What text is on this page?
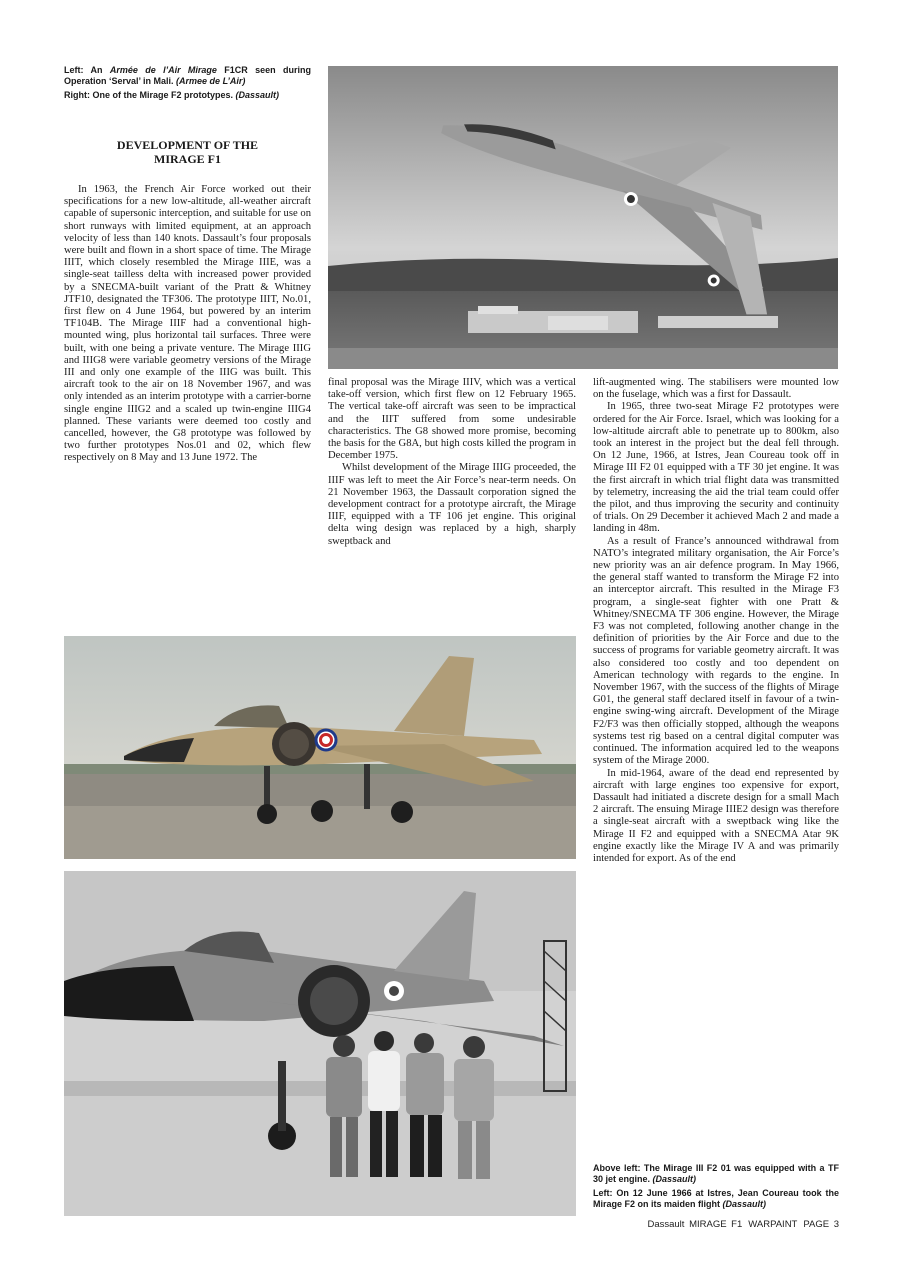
Left: An Armée de l’Air Mirage F1CR seen during Operation ‘Serval’ in Mali. (Armee de L’Air)

Right: One of the Mirage F2 prototypes. (Dassault)

DEVELOPMENT OF THE
MIRAGE F1

In 1963, the French Air Force worked out their specifications for a new low-altitude, all-weather aircraft capable of supersonic interception, and suitable for use on short runways with limited equipment, at an approach velocity of less than 140 knots. Dassault’s four proposals were built and flown in a short space of time. The Mirage IIIT, which closely resembled the Mirage IIIE, was a single-seat tailless delta with increased power provided by a SNECMA-built variant of the Pratt & Whitney JTF10, designated the TF306. The prototype IIIT, No.01, first flew on 4 June 1964, but powered by an interim TF104B. The Mirage IIIF had a conventional high-mounted wing, plus horizontal tail surfaces. Three were built, with one being a private venture. The Mirage IIIG and IIIG8 were variable geometry versions of the Mirage III and only one example of the IIIG was built. This aircraft took to the air on 18 November 1967, and was only intended as an interim prototype with a carrier-borne single engine IIIG2 and a scaled up twin-engine IIIG4 planned. These variants were deemed too costly and cancelled, however, the G8 prototype was followed by two further prototypes Nos.01 and 02, which flew respectively on 8 May and 13 June 1972. The

final proposal was the Mirage IIIV, which was a vertical take-off version, which first flew on 12 February 1965. The vertical take-off aircraft was seen to be impractical and the IIIT suffered from some undesirable characteristics. The G8 showed more promise, becoming the basis for the G8A, but high costs killed the program in December 1975.

Whilst development of the Mirage IIIG proceeded, the IIIF was left to meet the Air Force’s near-term needs. On 21 November 1963, the Dassault corporation signed the development contract for a prototype aircraft, the Mirage IIIF, equipped with a TF 106 jet engine. This original delta wing design was replaced by a high, sharply sweptback and

lift-augmented wing. The stabilisers were mounted low on the fuselage, which was a first for Dassault.

In 1965, three two-seat Mirage F2 prototypes were ordered for the Air Force. Israel, which was looking for a low-altitude aircraft able to penetrate up to 800km, also took an interest in the project but the deal fell through. On 12 June, 1966, at Istres, Jean Coureau took off in Mirage III F2 01 equipped with a TF 30 jet engine. It was the first aircraft in which trial flight data was transmitted by telemetry, increasing the aid the trial team could offer the pilot, and thus improving the security and continuity of trials. On 29 December it achieved Mach 2 and made a landing in 48m.

As a result of France’s announced withdrawal from NATO’s integrated military organisation, the Air Force’s new priority was an air defence program. In May 1966, the general staff wanted to transform the Mirage F2 into an interceptor aircraft. This resulted in the Mirage F3 program, a single-seat fighter with one Pratt & Whitney/SNECMA TF 306 engine. However, the Mirage F3 was not completed, following another change in the definition of priorities by the Air Force and due to the success of programs for variable geometry aircraft. It was also considered too costly and too dependent on American technology with regards to the engine. In November 1967, with the success of the flights of Mirage G01, the general staff declared itself in favour of a twin-engine swing-wing aircraft. Development of the Mirage F2/F3 was then officially stopped, although the weapons systems test rig based on a central digital computer was continued. The information acquired led to the weapons system of the Mirage 2000.

In mid-1964, aware of the dead end represented by aircraft with large engines too expensive for export, Dassault had initiated a discrete design for a small Mach 2 aircraft. The ensuing Mirage IIIE2 design was therefore a single-seat aircraft with a sweptback wing like the Mirage II F2 and equipped with a SNECMA Atar 9K engine exactly like the Mirage IV A and was primarily intended for export. As of the end

Above left: The Mirage III F2 01 was equipped with a TF 30 jet engine. (Dassault)

Left: On 12 June 1966 at Istres, Jean Coureau took the Mirage F2 on its maiden flight (Dassault)

Dassault MIRAGE F1 WARPAINT PAGE 3
